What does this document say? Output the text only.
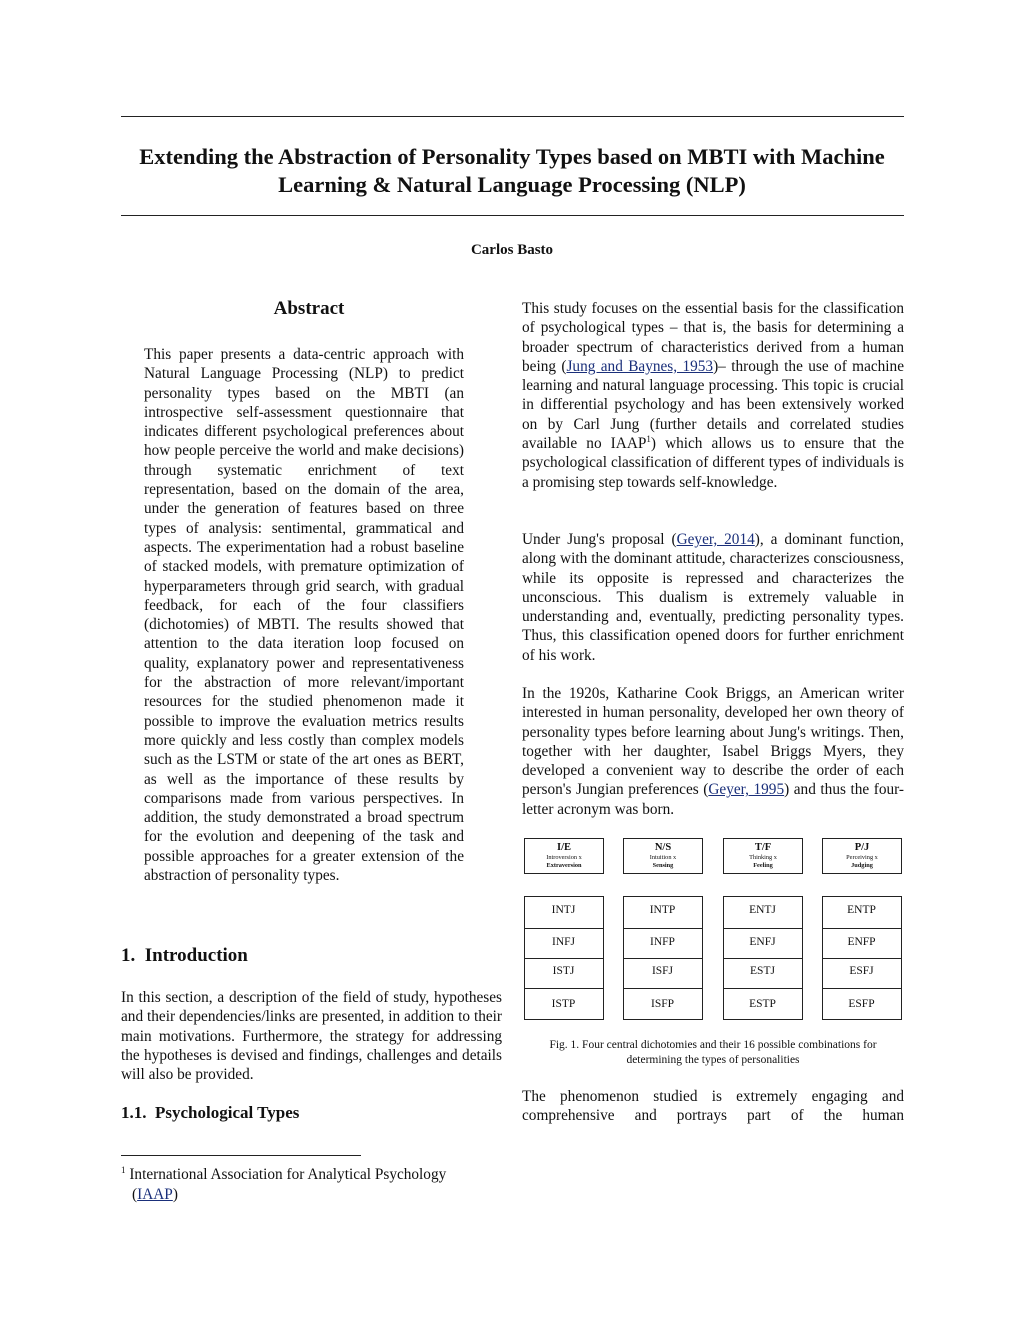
Extending the Abstraction of Personality Types based on MBTI with Machine Learning & Natural Language Processing (NLP)
Carlos Basto
Abstract
This paper presents a data-centric approach with Natural Language Processing (NLP) to predict personality types based on the MBTI (an introspective self-assessment questionnaire that indicates different psychological preferences about how people perceive the world and make decisions) through systematic enrichment of text representation, based on the domain of the area, under the generation of features based on three types of analysis: sentimental, grammatical and aspects. The experimentation had a robust baseline of stacked models, with premature optimization of hyperparameters through grid search, with gradual feedback, for each of the four classifiers (dichotomies) of MBTI. The results showed that attention to the data iteration loop focused on quality, explanatory power and representativeness for the abstraction of more relevant/important resources for the studied phenomenon made it possible to improve the evaluation metrics results more quickly and less costly than complex models such as the LSTM or state of the art ones as BERT, as well as the importance of these results by comparisons made from various perspectives. In addition, the study demonstrated a broad spectrum for the evolution and deepening of the task and possible approaches for a greater extension of the abstraction of personality types.
1. Introduction
In this section, a description of the field of study, hypotheses and their dependencies/links are presented, in addition to their main motivations. Furthermore, the strategy for addressing the hypotheses is devised and findings, challenges and details will also be provided.
1.1. Psychological Types
$^1$ International Association for Analytical Psychology
(IAAP)
This study focuses on the essential basis for the classification of psychological types – that is, the basis for determining a broader spectrum of characteristics derived from a human being (Jung and Baynes, 1953)– through the use of machine learning and natural language processing. This topic is crucial in differential psychology and has been extensively worked on by Carl Jung (further details and correlated studies available no IAAP$^1$) which allows us to ensure that the psychological classification of different types of individuals is a promising step towards self-knowledge.
Under Jung's proposal (Geyer, 2014), a dominant function, along with the dominant attitude, characterizes consciousness, while its opposite is repressed and characterizes the unconscious. This dualism is extremely valuable in understanding and, eventually, predicting personality types. Thus, this classification opened doors for further enrichment of his work.
In the 1920s, Katharine Cook Briggs, an American writer interested in human personality, developed her own theory of personality types before learning about Jung's writings. Then, together with her daughter, Isabel Briggs Myers, they developed a convenient way to describe the order of each person's Jungian preferences (Geyer, 1995) and thus the four-letter acronym was born.
I/E
Introversion x
Extraversion
N/S
Intuition x
Sensing
T/F
Thinking x
Feeling
P/J
Perceiving x
Judging
INTJ
INFJ
ISTJ
ISTP
INTP
INFP
ISFJ
ISFP
ENTJ
ENFJ
ESTJ
ESTP
ENTP
ENFP
ESFJ
ESFP
Fig. 1. Four central dichotomies and their 16 possible combinations for
determining the types of personalities
The phenomenon studied is extremely engaging and comprehensive and portrays part of the human
